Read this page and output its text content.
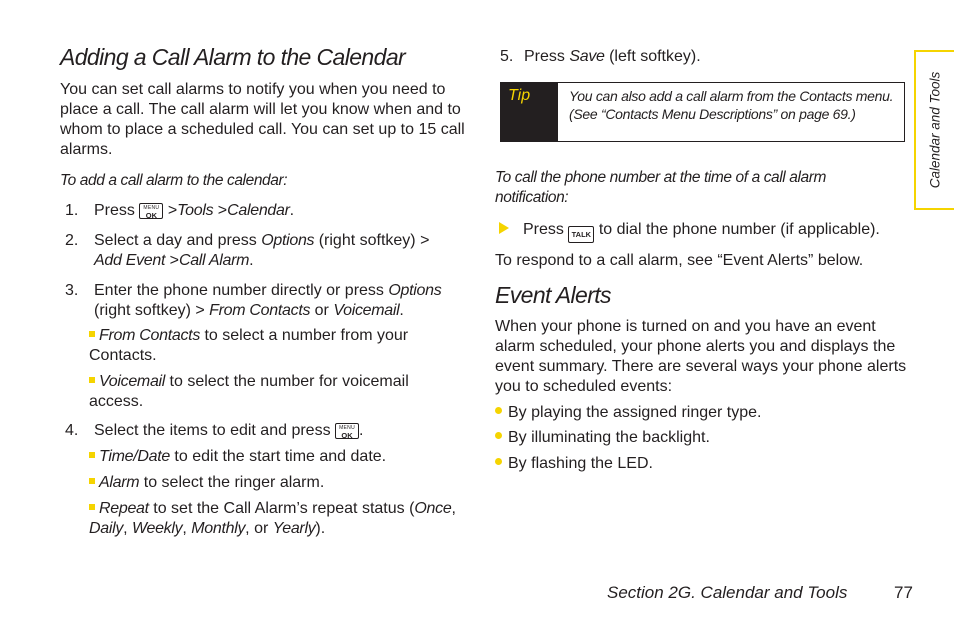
Adding a Call Alarm to the Calendar

You can set call alarms to notify you when you need to place a call. The call alarm will let you know when and to whom to place a scheduled call. You can set up to 15 call alarms.

To add a call alarm to the calendar:

1. Press	MENU
OK >Tools >Calendar.
2. Select a day and press Options (right softkey) >
Add Event >Call Alarm.
3. Enter the phone number directly or press Options
(right softkey) > From Contacts or Voicemail.
From Contacts to select a number from your Contacts.
Voicemail to select the number for voicemail access.
4. Select the items to edit and press	MENU
OK .
Time/Date to edit the start time and date.
Alarm to select the ringer alarm.
Repeat to set the Call Alarm’s repeat status (Once, Daily, Weekly, Monthly, or Yearly).
5. Press Save (left softkey).
Tip	You can also add a call alarm from the Contacts menu. (See “Contacts Menu Descriptions” on page 69.)

To call the phone number at the time of a call alarm notification:

Press TALK to dial the phone number (if applicable).

To respond to a call alarm, see “Event Alerts” below.

Event Alerts

When your phone is turned on and you have an event alarm scheduled, your phone alerts you and displays the event summary. There are several ways your phone alerts you to scheduled events:

By playing the assigned ringer type.

By illuminating the backlight.

By flashing the LED.

Calendar and Tools
Section 2G. Calendar and Tools	77
